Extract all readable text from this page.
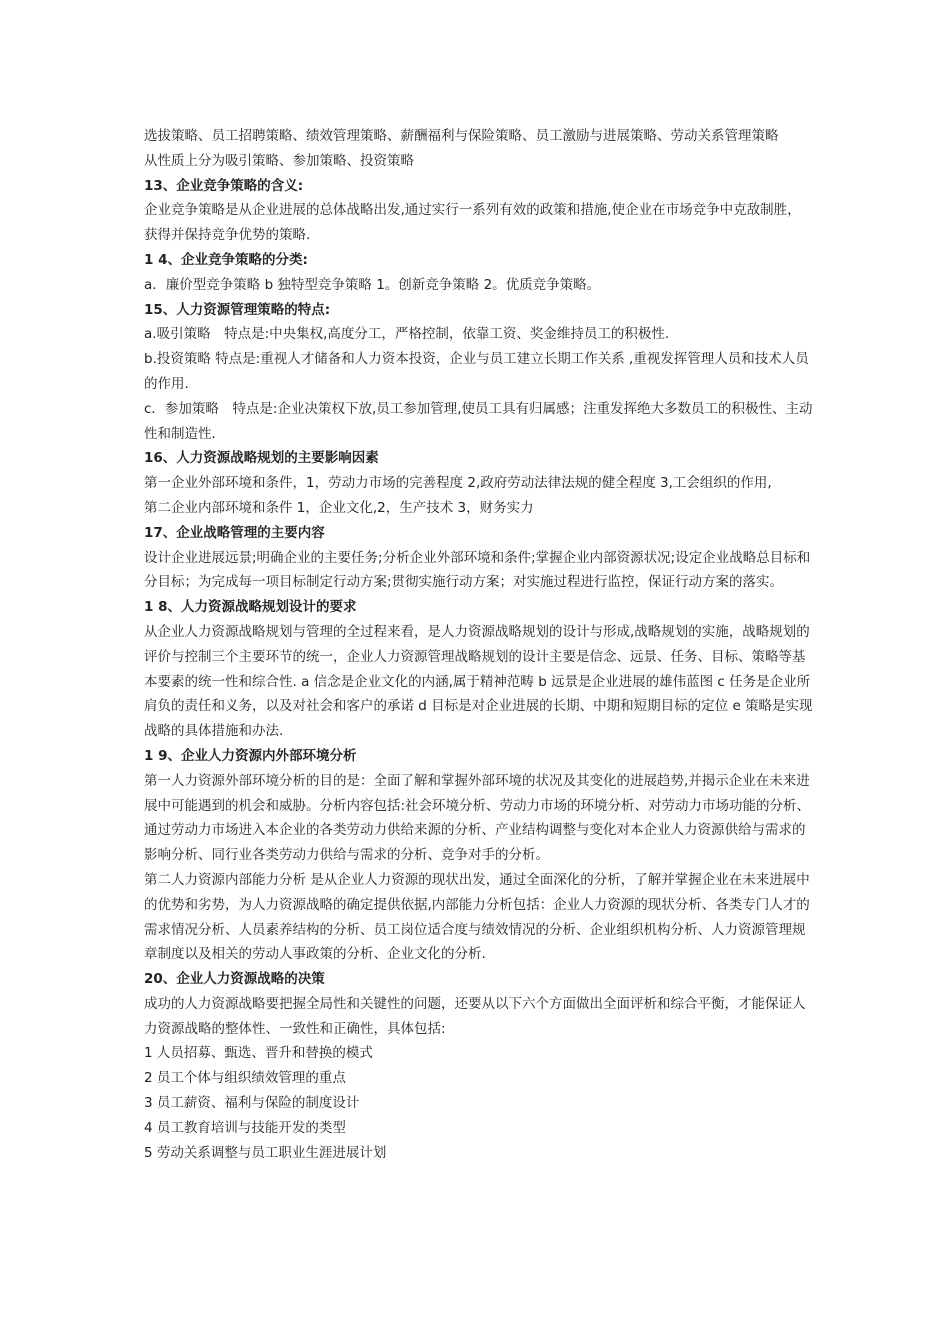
选拔策略、员工招聘策略、绩效管理策略、薪酬福利与保险策略、员工激励与进展策略、劳动关系管理策略
从性质上分为吸引策略、参加策略、投资策略
13、企业竞争策略的含义:
企业竞争策略是从企业进展的总体战略出发,通过实行一系列有效的政策和措施,使企业在市场竞争中克敌制胜，获得并保持竞争优势的策略.
1 4、企业竞争策略的分类:
a．廉价型竞争策略 b 独特型竞争策略 1。创新竞争策略 2。优质竞争策略。
15、人力资源管理策略的特点:
a.吸引策略　特点是:中央集权,高度分工，严格控制，依靠工资、奖金维持员工的积极性.
b.投资策略 特点是:重视人才储备和人力资本投资，企业与员工建立长期工作关系 ,重视发挥管理人员和技术人员的作用.
c．参加策略　特点是:企业决策权下放,员工参加管理,使员工具有归属感；注重发挥绝大多数员工的积极性、主动性和制造性.
16、人力资源战略规划的主要影响因素
第一企业外部环境和条件，1，劳动力市场的完善程度 2,政府劳动法律法规的健全程度 3,工会组织的作用,
第二企业内部环境和条件 1，企业文化,2，生产技术 3，财务实力
17、企业战略管理的主要内容
设计企业进展远景;明确企业的主要任务;分析企业外部环境和条件;掌握企业内部资源状况;设定企业战略总目标和分目标；为完成每一项目标制定行动方案;贯彻实施行动方案；对实施过程进行监控，保证行动方案的落实。
1 8、人力资源战略规划设计的要求
从企业人力资源战略规划与管理的全过程来看，是人力资源战略规划的设计与形成,战略规划的实施，战略规划的评价与控制三个主要环节的统一，企业人力资源管理战略规划的设计主要是信念、远景、任务、目标、策略等基本要素的统一性和综合性. a 信念是企业文化的内涵,属于精神范畴 b 远景是企业进展的雄伟蓝图 c 任务是企业所肩负的责任和义务，以及对社会和客户的承诺 d 目标是对企业进展的长期、中期和短期目标的定位 e 策略是实现战略的具体措施和办法.
1 9、企业人力资源内外部环境分析
第一人力资源外部环境分析的目的是：全面了解和掌握外部环境的状况及其变化的进展趋势,并揭示企业在未来进展中可能遇到的机会和威胁。分析内容包括:社会环境分析、劳动力市场的环境分析、对劳动力市场功能的分析、通过劳动力市场进入本企业的各类劳动力供给来源的分析、产业结构调整与变化对本企业人力资源供给与需求的影响分析、同行业各类劳动力供给与需求的分析、竞争对手的分析。
第二人力资源内部能力分析 是从企业人力资源的现状出发，通过全面深化的分析，了解并掌握企业在未来进展中的优势和劣势，为人力资源战略的确定提供依据,内部能力分析包括：企业人力资源的现状分析、各类专门人才的需求情况分析、人员素养结构的分析、员工岗位适合度与绩效情况的分析、企业组织机构分析、人力资源管理规章制度以及相关的劳动人事政策的分析、企业文化的分析.
20、企业人力资源战略的决策
成功的人力资源战略要把握全局性和关键性的问题，还要从以下六个方面做出全面评析和综合平衡，才能保证人力资源战略的整体性、一致性和正确性，具体包括:
1 人员招募、甄选、晋升和替换的模式
2 员工个体与组织绩效管理的重点
3 员工薪资、福利与保险的制度设计
4 员工教育培训与技能开发的类型
5 劳动关系调整与员工职业生涯进展计划
